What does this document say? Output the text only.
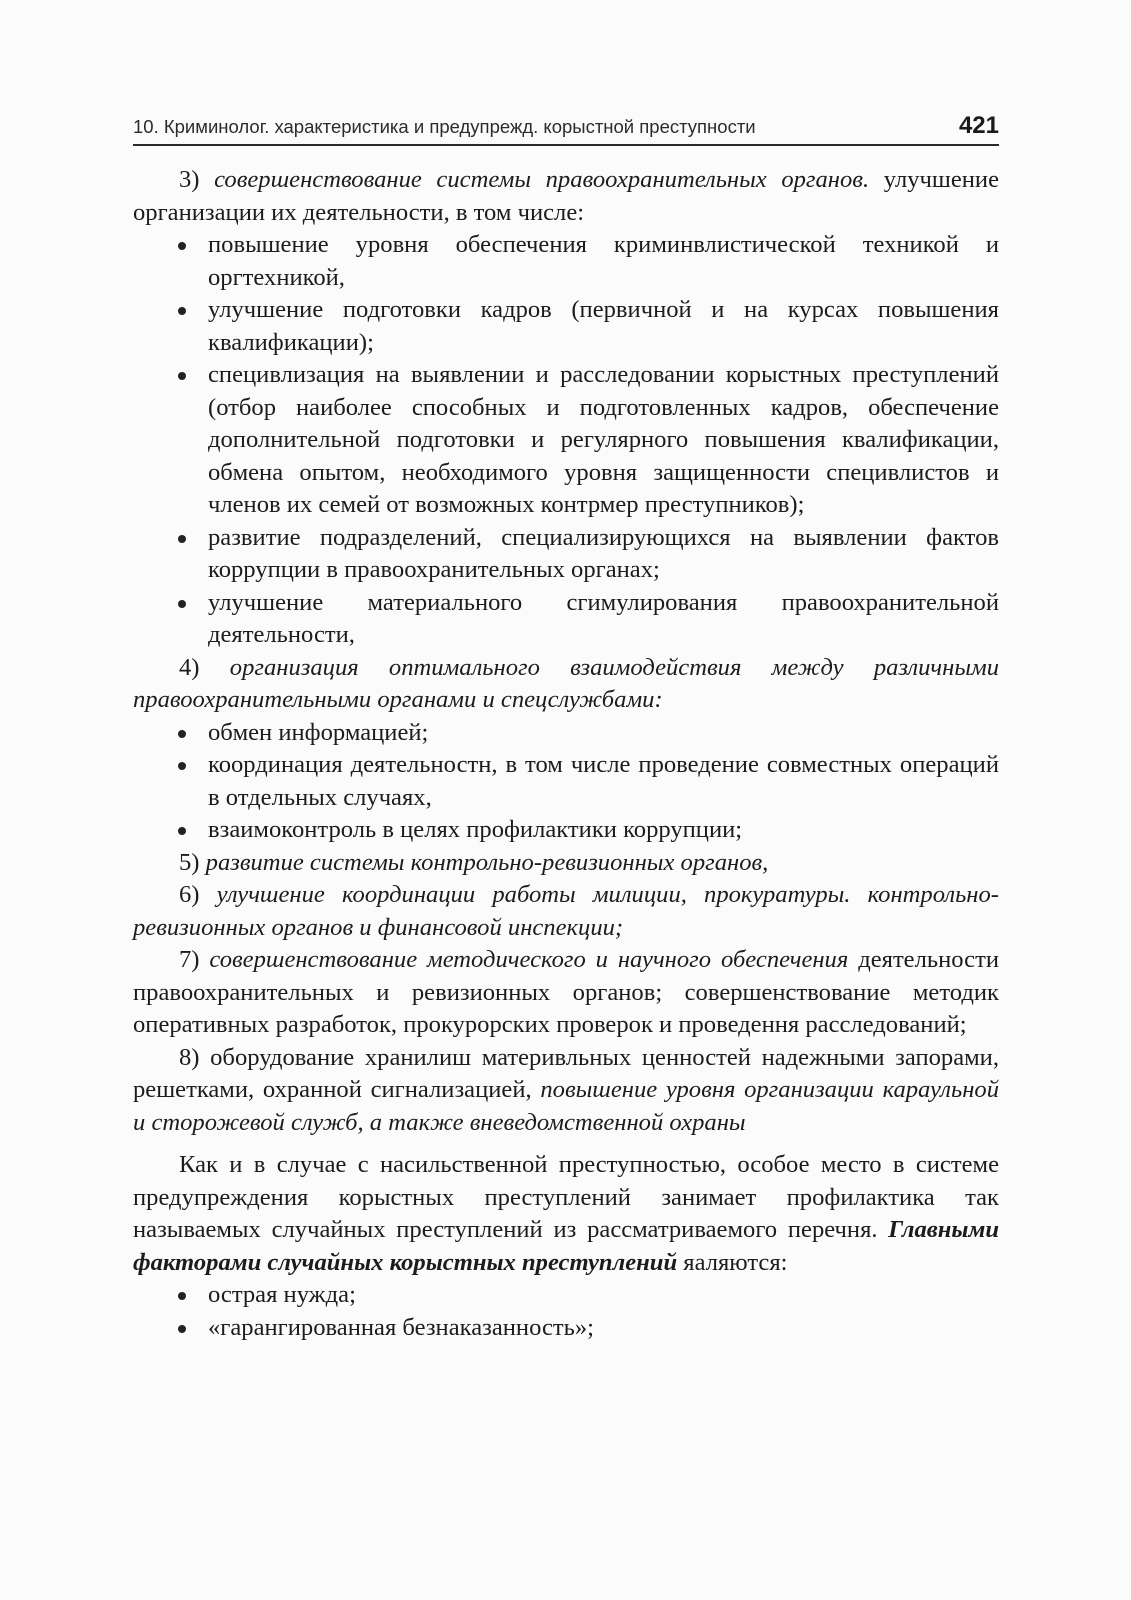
10. Криминолог. характеристика и предупрежд. корыстной преступности	421

3) совершенствование системы правоохранительных органов. улучшение организации их деятельности, в том числе:

повышение уровня обеспечения криминвлистической техникой и оргтехникой,
улучшение подготовки кадров (первичной и на курсах повышения квалификации);
специвлизация на выявлении и расследовании корыстных преступлений (отбор наиболее способных и подготовленных кадров, обеспечение дополнительной подготовки и регулярного повышения квалификации, обмена опытом, необходимого уровня защищенности специвлистов и членов их семей от возможных контрмер преступников);
развитие подразделений, специализирующихся на выявлении фактов коррупции в правоохранительных органах;
улучшение материального сгимулирования правоохранительной деятельности,

4) организация оптимального взаимодействия между различными правоохранительными органами и спецслужбами:

обмен информацией;
координация деятельностн, в том числе проведение совместных операций в отдельных случаях,
взаимоконтроль в целях профилактики коррупции;

5) развитие системы контрольно-ревизионных органов,

6) улучшение координации работы милиции, прокуратуры. контрольно-ревизионных органов и финансовой инспекции;

7) совершенствование методического и научного обеспечения деятельности правоохранительных и ревизионных органов; совершенствование методик оперативных разработок, прокурорских проверок и проведення расследований;

8) оборудование хранилиш материвльных ценностей надежными запорами, решетками, охранной сигнализацией, повышение уровня организации караульной и сторожевой служб, а также вневедомственной охраны

Как и в случае с насильственной преступностью, особое место в системе предупреждения корыстных преступлений занимает профилактика так называемых случайных преступлений из рассматриваемого перечня. Главными факторами случайных корыстных преступлений яаляются:

острая нужда;
«гарангированная безнаказанность»;
